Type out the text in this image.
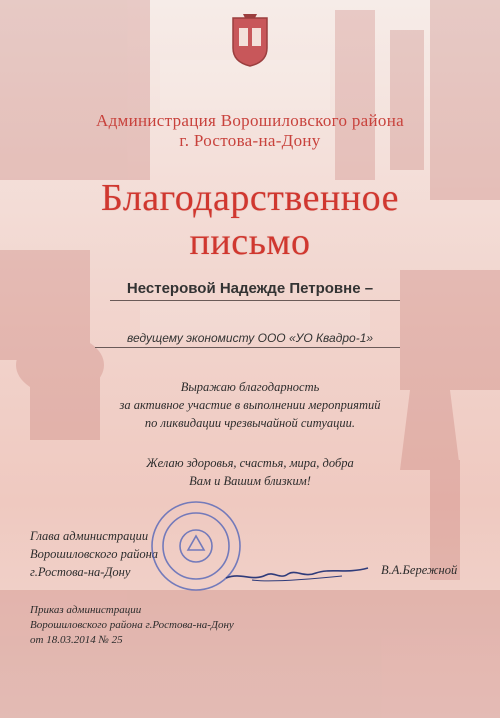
Администрация Ворошиловского района
г. Ростова-на-Дону
Благодарственное
письмо
Нестеровой Надежде Петровне –
ведущему экономисту ООО «УО Квадро-1»
Выражаю благодарность
за активное участие в выполнении мероприятий
по ликвидации чрезвычайной ситуации.
Желаю здоровья, счастья, мира, добра
Вам и Вашим близким!
Глава администрации
Ворошиловского района
г.Ростова-на-Дону	В.А.Бережной
Приказ администрации
Ворошиловского района г.Ростова-на-Дону
от 18.03.2014 № 25
